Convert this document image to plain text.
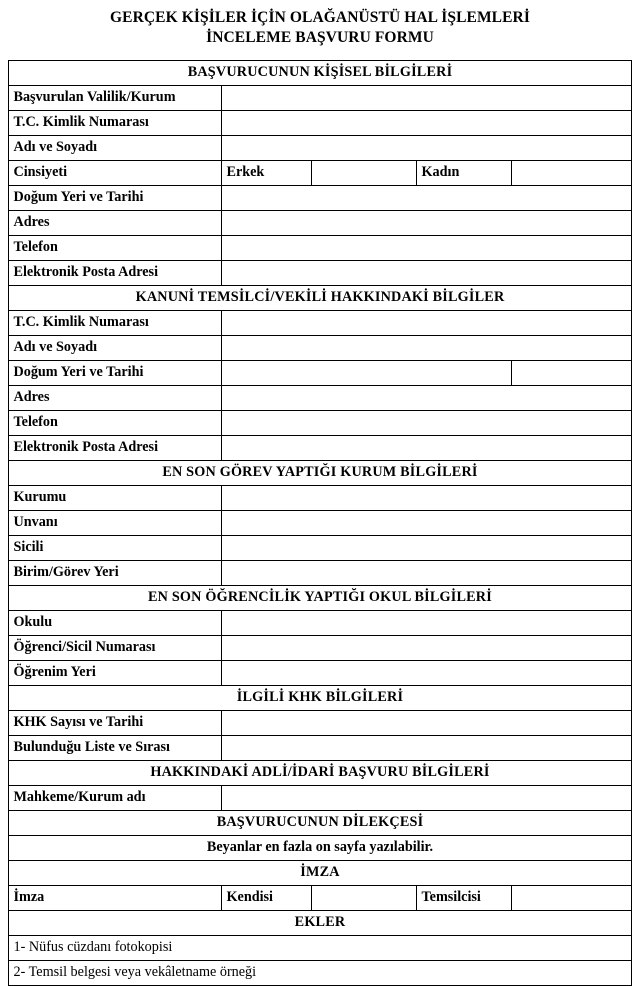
GERÇEK KİŞİLER İÇİN OLAĞANÜSTÜ HAL İŞLEMLERİ
İNCELEME BAŞVURU FORMU
BAŞVURUCUNUN KİŞİSEL BİLGİLERİ				
Başvurulan Valilik/Kurum				
T.C. Kimlik Numarası				
Adı ve Soyadı				
Cinsiyeti	Erkek		Kadın	
Doğum Yeri ve Tarihi				
Adres				
Telefon				
Elektronik Posta Adresi				
KANUNİ TEMSİLCİ/VEKİLİ HAKKINDAKİ BİLGİLER				
T.C. Kimlik Numarası				
Adı ve Soyadı				
Doğum Yeri ve Tarihi				
Adres				
Telefon				
Elektronik Posta Adresi				
EN SON GÖREV YAPTIĞI KURUM BİLGİLERİ				
Kurumu				
Unvanı				
Sicili				
Birim/Görev Yeri				
EN SON ÖĞRENCİLİK YAPTIĞI OKUL BİLGİLERİ				
Okulu				
Öğrenci/Sicil Numarası				
Öğrenim Yeri				
İLGİLİ KHK BİLGİLERİ				
KHK Sayısı ve Tarihi				
Bulunduğu Liste ve Sırası				
HAKKINDAKİ ADLİ/İDARİ BAŞVURU BİLGİLERİ				
Mahkeme/Kurum adı				
BAŞVURUCUNUN DİLEKÇESİ				
Beyanlar en fazla on sayfa yazılabilir.				
İMZA				
İmza	Kendisi		Temsilcisi	
EKLER				
1- Nüfus cüzdanı fotokopisi				
2- Temsil belgesi veya vekâletname örneği				
